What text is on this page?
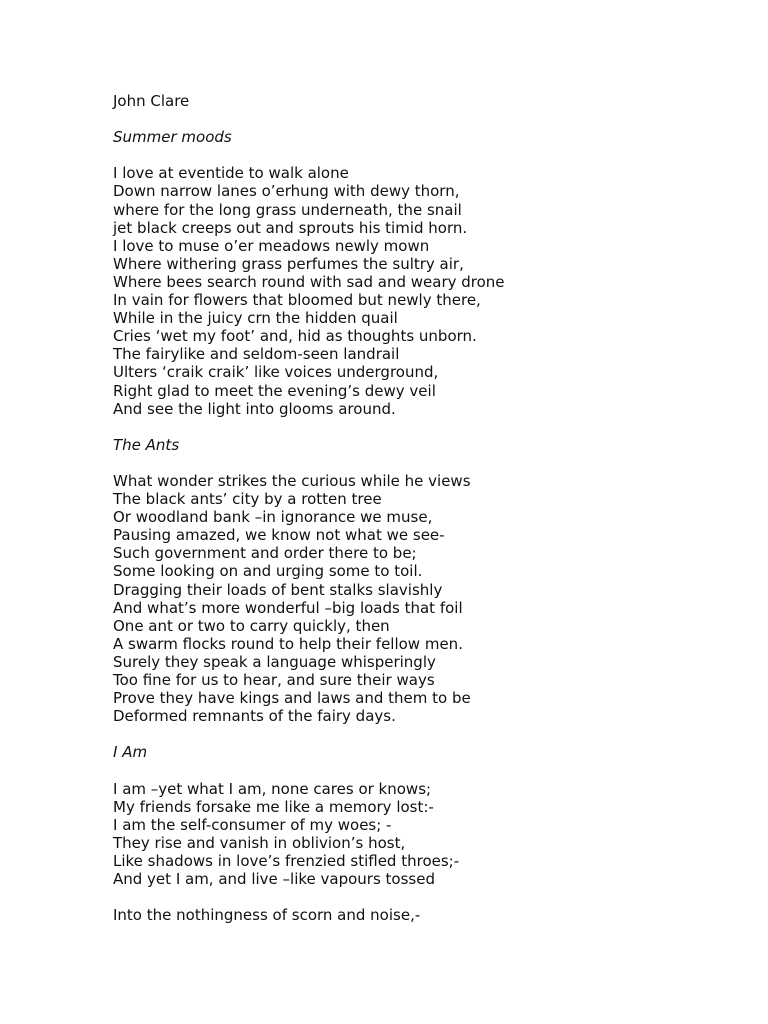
John Clare
Summer moods
I love at eventide to walk alone
Down narrow lanes o’erhung with dewy thorn,
where for the long grass underneath, the snail
jet black creeps out and sprouts his timid horn.
I love to muse o’er meadows newly mown
Where withering grass perfumes the sultry air,
Where bees search round with sad and weary drone
In vain for flowers that bloomed but newly there,
While in the juicy crn the hidden quail
Cries ‘wet my foot’ and, hid as thoughts unborn.
The fairylike and seldom-seen landrail
Ulters ‘craik craik’ like voices underground,
Right glad to meet the evening’s dewy veil
And see the light into glooms around.
The Ants
What wonder strikes the curious while he views
The black ants’ city by a rotten tree
Or woodland bank –in ignorance we muse,
Pausing amazed, we know not what we see-
Such government and order there to be;
Some looking on and urging some to toil.
Dragging their loads of bent stalks slavishly
And what’s more wonderful –big loads that foil
One ant or two to carry quickly, then
A swarm flocks round to help their fellow men.
Surely they speak a language whisperingly
Too fine for us to hear, and sure their ways
Prove they have kings and laws and them to be
Deformed remnants of the fairy days.
I Am
I am –yet what I am, none cares or knows;
My friends forsake me like a memory lost:-
I am the self-consumer of my woes; -
They rise and vanish in oblivion’s host,
Like shadows in love’s frenzied stifled throes;-
And yet I am, and live –like vapours tossed
Into the nothingness of scorn and noise,-
